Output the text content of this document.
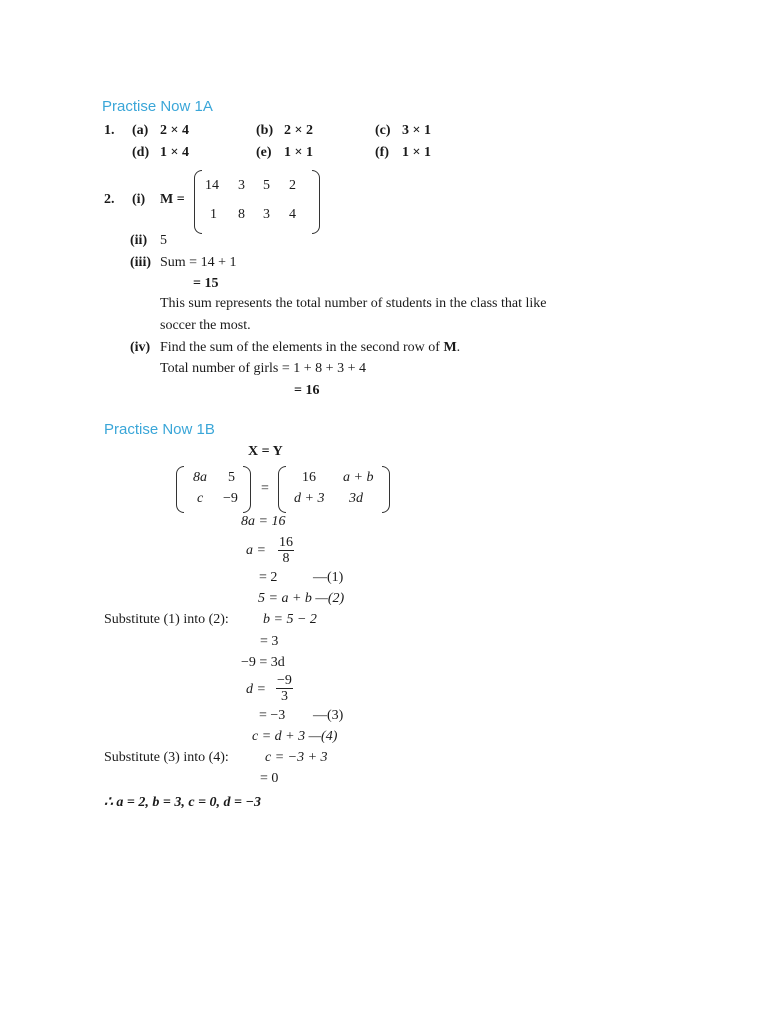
Practise Now 1A
1. (a) 2 × 4	(b) 2 × 2	(c) 3 × 1
(d) 1 × 4	(e) 1 × 1	(f) 1 × 1
2. (i) M =
14 3 5 2
1 8 3 4
(ii) 5
(iii) Sum = 14 + 1
= 15
This sum represents the total number of students in the class that like
soccer the most.
(iv) Find the sum of the elements in the second row of M.
Total number of girls = 1 + 8 + 3 + 4
= 16
Practise Now 1B
X = Y
8a 5
c −9
=
16 a + b
d + 3 3d
8a = 16
$a = \frac{16}{8}$
= 2	—(1)
5 = a + b —(2)
Substitute (1) into (2): b = 5 − 2
= 3
−9 = 3d
$d = \frac{-9}{3}$
= −3 —(3)
c = d + 3 —(4)
Substitute (3) into (4):	c = −3 + 3
= 0
∴ a = 2, b = 3, c = 0, d = −3
